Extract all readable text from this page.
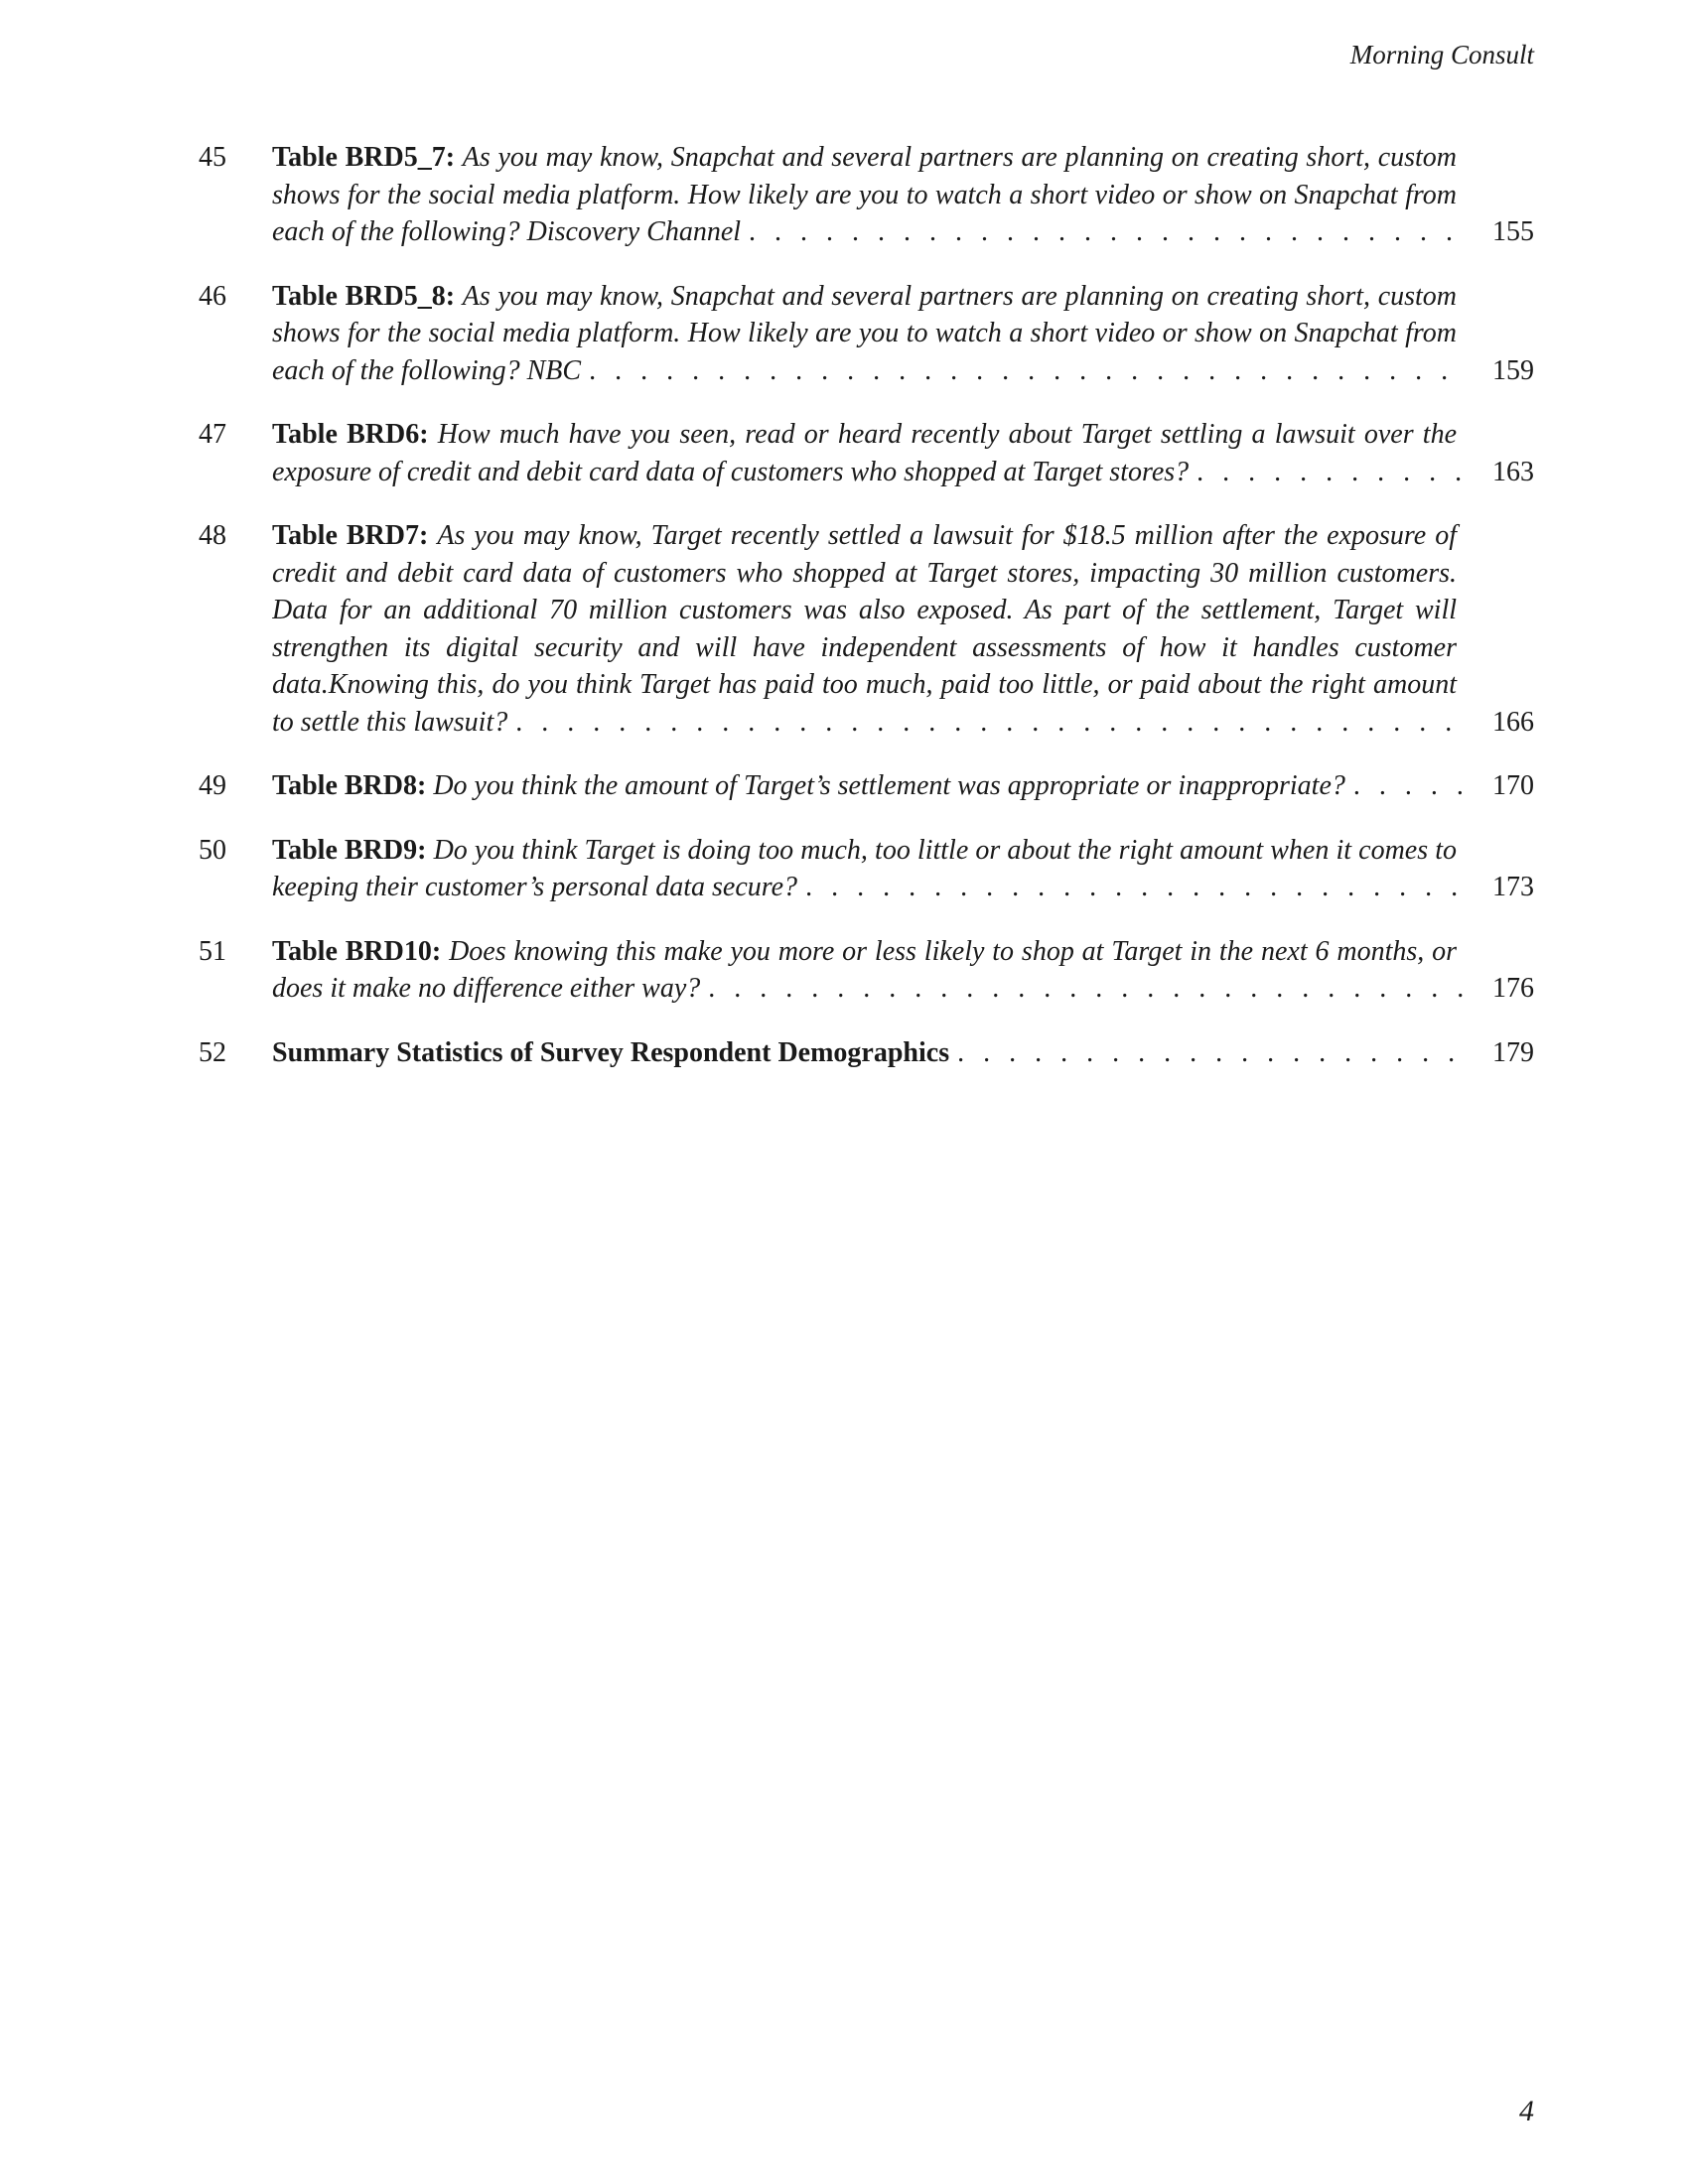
Morning Consult
45	Table BRD5_7: As you may know, Snapchat and several partners are planning on creating short, custom shows for the social media platform. How likely are you to watch a short video or show on Snapchat from each of the following? Discovery Channel . . .	155
46	Table BRD5_8: As you may know, Snapchat and several partners are planning on creating short, custom shows for the social media platform. How likely are you to watch a short video or show on Snapchat from each of the following? NBC . . .	159
47	Table BRD6: How much have you seen, read or heard recently about Target settling a lawsuit over the exposure of credit and debit card data of customers who shopped at Target stores? . . .	163
48	Table BRD7: As you may know, Target recently settled a lawsuit for $18.5 million after the exposure of credit and debit card data of customers who shopped at Target stores, impacting 30 million customers. Data for an additional 70 million customers was also exposed. As part of the settlement, Target will strengthen its digital security and will have independent assessments of how it handles customer data.Knowing this, do you think Target has paid too much, paid too little, or paid about the right amount to settle this lawsuit? . . .	166
49	Table BRD8: Do you think the amount of Target’s settlement was appropriate or inappropriate? . . .	170
50	Table BRD9: Do you think Target is doing too much, too little or about the right amount when it comes to keeping their customer’s personal data secure? . . .	173
51	Table BRD10: Does knowing this make you more or less likely to shop at Target in the next 6 months, or does it make no difference either way? . . .	176
52	Summary Statistics of Survey Respondent Demographics . . .	179
4
